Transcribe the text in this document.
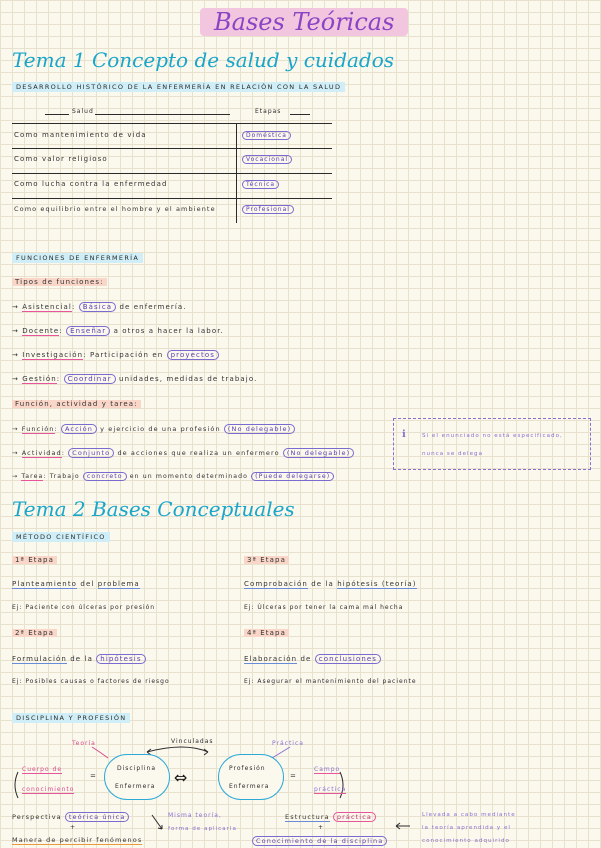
Bases Teóricas
Tema 1 Concepto de salud y cuidados
DESARROLLO HISTÓRICO DE LA ENFERMERÍA EN RELACIÓN CON LA SALUD
Salud	Etapas
Como mantenimiento de vida	Doméstica
Como valor religioso	Vocacional
Como lucha contra la enfermedad	Técnica
Como equilibrio entre el hombre y el ambiente	Profesional
FUNCIONES DE ENFERMERÍA
Tipos de funciones:
→ Asistencial: Básica de enfermería.
→ Docente: Enseñar a otros a hacer la labor.
→ Investigación: Participación en proyectos
→ Gestión: Coordinar unidades, medidas de trabajo.
Función, actividad y tarea:
→ Función: Acción y ejercicio de una profesión (No delegable)
→ Actividad: Conjunto de acciones que realiza un enfermero (No delegable)
→ Tarea: Trabajo concreto en un momento determinado (Puede delegarse)
ℹ	Si el enunciado no está especificado,
nunca se delega
Tema 2 Bases Conceptuales
MÉTODO CIENTÍFICO
1ª Etapa
Planteamiento del problema
Ej: Paciente con úlceras por presión
2ª Etapa
Formulación de la hipótesis
Ej: Posibles causas o factores de riesgo
3ª Etapa
Comprobación de la hipótesis (teoría)
Ej: Úlceras por tener la cama mal hecha
4ª Etapa
Elaboración de conclusiones
Ej: Asegurar el mantenimiento del paciente
DISCIPLINA Y PROFESIÓN
Vinculadas
Teoría	Práctica
Cuerpo de
conocimiento
=
Disciplina
Enfermera ⇔	Profesión
Enfermera
=
Campo
práctica
Perspectiva teórica única
+
Manera de percibir fenómenos
Misma teoría,
forma de aplicarla
Estructura práctica
+
Conocimiento de la disciplina
Llevada a cabo mediante
la teoría aprendida y el
conocimiento adquirido
